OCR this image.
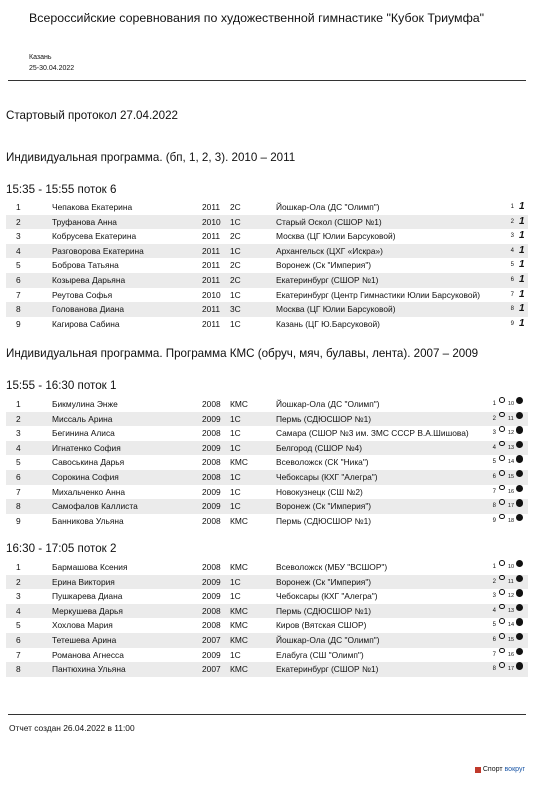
Всероссийские соревнования по художественной гимнастике "Кубок Триумфа"
Казань
25-30.04.2022
Стартовый протокол 27.04.2022
Индивидуальная программа. (бп, 1, 2, 3). 2010 – 2011
15:35 - 15:55 поток 6
1	Чепакова Екатерина	2011 2С	Йошкар-Ола (ДС "Олимп")	1 1
2	Труфанова Анна	2010 1С	Старый Оскол (СШОР №1)	2 1
3	Кобрусева Екатерина	2011 2С	Москва (ЦГ Юлии Барсуковой)	3 1
4	Разговорова Екатерина	2011 1С	Архангельск (ЦХГ «Искра»)	4 1
5	Боброва Татьяна	2011 2С	Воронеж (Ск "Империя")	5 1
6	Козырева Дарьяна	2011 2С	Екатеринбург (СШОР №1)	6 1
7	Реутова Софья	2010 1С	Екатеринбург (Центр Гимнастики Юлии Барсуковой)	7 1
8	Голованова Диана	2011 3С	Москва (ЦГ Юлии Барсуковой)	8 1
9	Кагирова Сабина	2011 1С	Казань (ЦГ Ю.Барсуковой)	9 1
Индивидуальная программа. Программа КМС (обруч, мяч, булавы, лента). 2007 – 2009
15:55 - 16:30 поток 1
1	Бикмулина Энже	2008 КМС	Йошкар-Ола (ДС "Олимп")	1 10
2	Миссаль Арина	2009 1С	Пермь (СДЮСШОР №1)	2 11
3	Бегинина Алиса	2008 1С	Самара (СШОР №3 им. ЗМС СССР В.А.Шишова)	3 12
4	Игнатенко София	2009 1С	Белгород (СШОР №4)	4 13
5	Савоськина Дарья	2008 КМС	Всеволожск (СК "Ника")	5 14
6	Сорокина София	2008 1С	Чебоксары (КХГ "Алегра")	6 15
7	Михальченко Анна	2009 1С	Новокузнецк (СШ №2)	7 16
8	Самофалов Каллиста	2009 1С	Воронеж (Ск "Империя")	8 17
9	Банникова Ульяна	2008 КМС	Пермь (СДЮСШОР №1)	9 18
16:30 - 17:05 поток 2
1	Бармашова Ксения	2008 КМС	Всеволожск (МБУ "ВСШОР")	1 10
2	Ерина Виктория	2009 1С	Воронеж (Ск "Империя")	2 11
3	Пушкарева Диана	2009 1С	Чебоксары (КХГ "Алегра")	3 12
4	Меркушева Дарья	2008 КМС	Пермь (СДЮСШОР №1)	4 13
5	Хохлова Мария	2008 КМС	Киров (Вятская СШОР)	5 14
6	Тетешева Арина	2007 КМС	Йошкар-Ола (ДС "Олимп")	6 15
7	Романова Агнесса	2009 1С	Елабуга (СШ "Олимп")	7 16
8	Пантюхина Ульяна	2007 КМС	Екатеринбург (СШОР №1)	8 17
Отчет создан 26.04.2022 в 11:00
Спорт вокруг
